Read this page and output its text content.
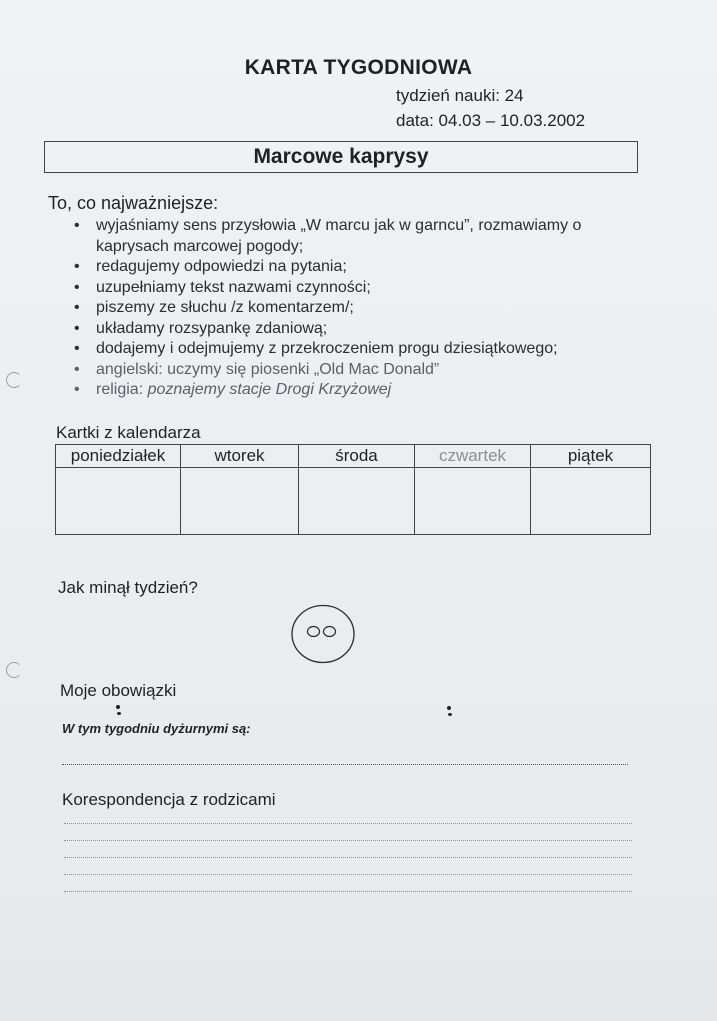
KARTA TYGODNIOWA
tydzień nauki: 24
data: 04.03 – 10.03.2002
Marcowe kaprysy
To, co najważniejsze:
• wyjaśniamy sens przysłowia „W marcu jak w garncu”, rozmawiamy o kaprysach marcowej pogody;
• redagujemy odpowiedzi na pytania;
• uzupełniamy tekst nazwami czynności;
• piszemy ze słuchu /z komentarzem/;
• układamy rozsypankę zdaniową;
• dodajemy i odejmujemy z przekroczeniem progu dziesiątkowego;
• angielski: uczymy się piosenki „Old Mac Donald”
• religia: poznajemy stacje Drogi Krzyżowej
Kartki z kalendarza
poniedziałek	wtorek	środa	czwartek	piątek

Jak minął tydzień?
Moje obowiązki
W tym tygodniu dyżurnymi są:
Korespondencja z rodzicami
